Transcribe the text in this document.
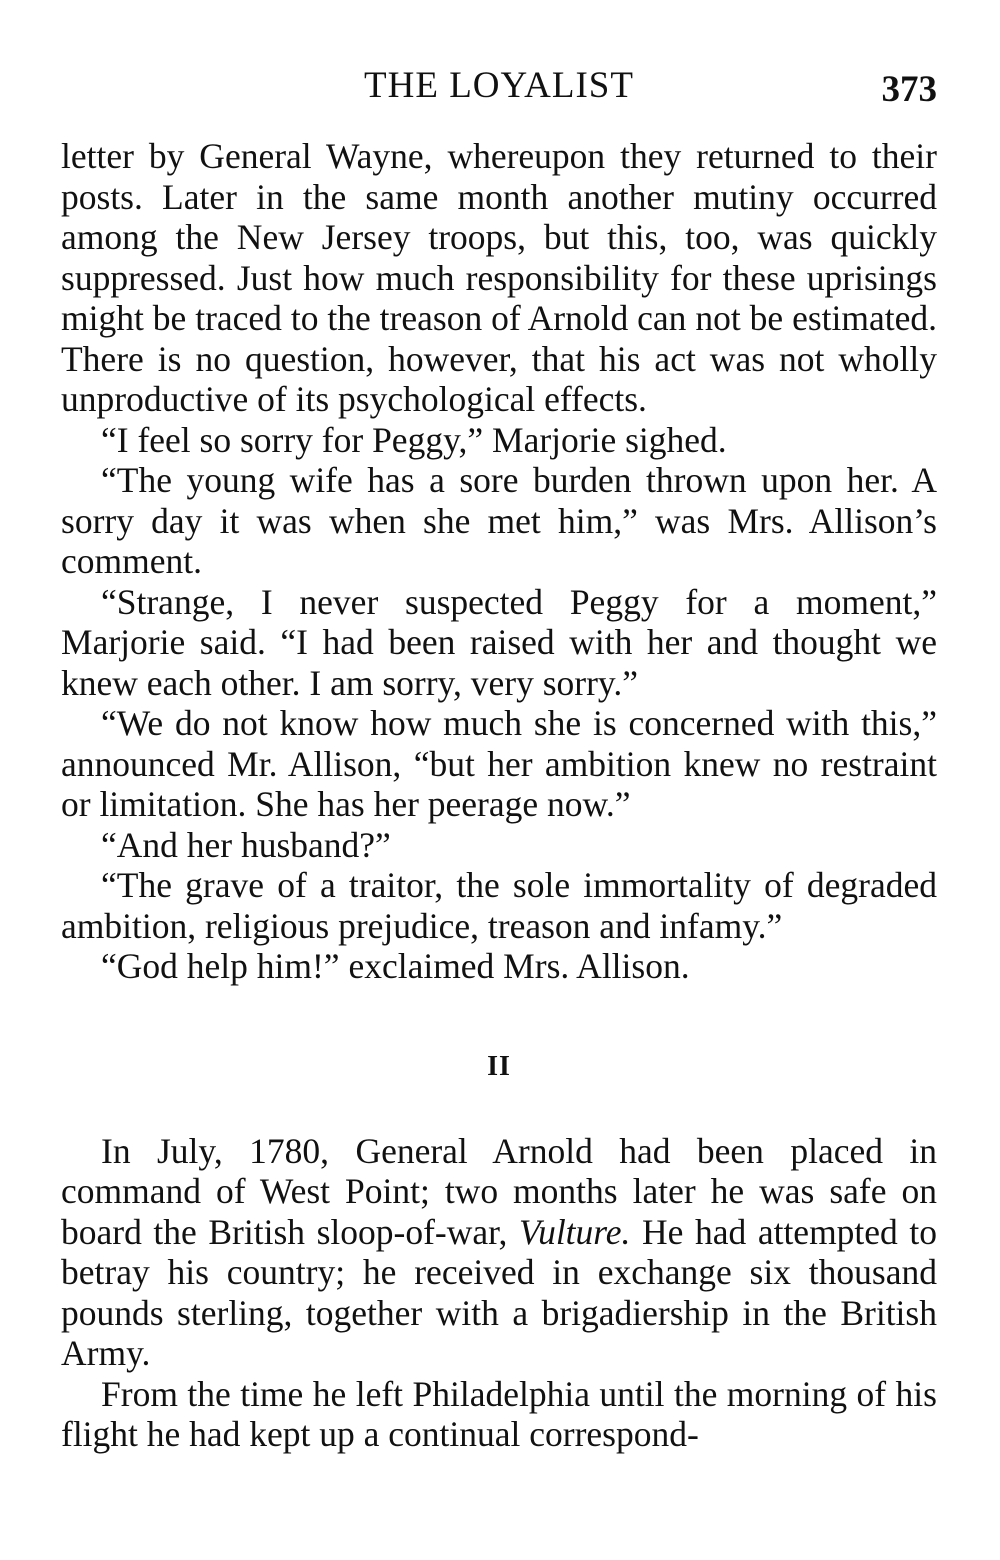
THE LOYALIST	373

letter by General Wayne, whereupon they returned to their posts. Later in the same month another mutiny occurred among the New Jersey troops, but this, too, was quickly suppressed. Just how much responsibility for these uprisings might be traced to the treason of Arnold can not be estimated. There is no question, however, that his act was not wholly unproductive of its psychological effects.

“I feel so sorry for Peggy,” Marjorie sighed.

“The young wife has a sore burden thrown upon her. A sorry day it was when she met him,” was Mrs. Allison’s comment.

“Strange, I never suspected Peggy for a moment,” Marjorie said. “I had been raised with her and thought we knew each other. I am sorry, very sorry.”

“We do not know how much she is concerned with this,” announced Mr. Allison, “but her ambition knew no restraint or limitation. She has her peerage now.”

“And her husband?”

“The grave of a traitor, the sole immortality of degraded ambition, religious prejudice, treason and infamy.”

“God help him!” exclaimed Mrs. Allison.

II

In July, 1780, General Arnold had been placed in command of West Point; two months later he was safe on board the British sloop-of-war, Vulture. He had attempted to betray his country; he received in exchange six thousand pounds sterling, together with a brigadiership in the British Army.

From the time he left Philadelphia until the morning of his flight he had kept up a continual correspond-
